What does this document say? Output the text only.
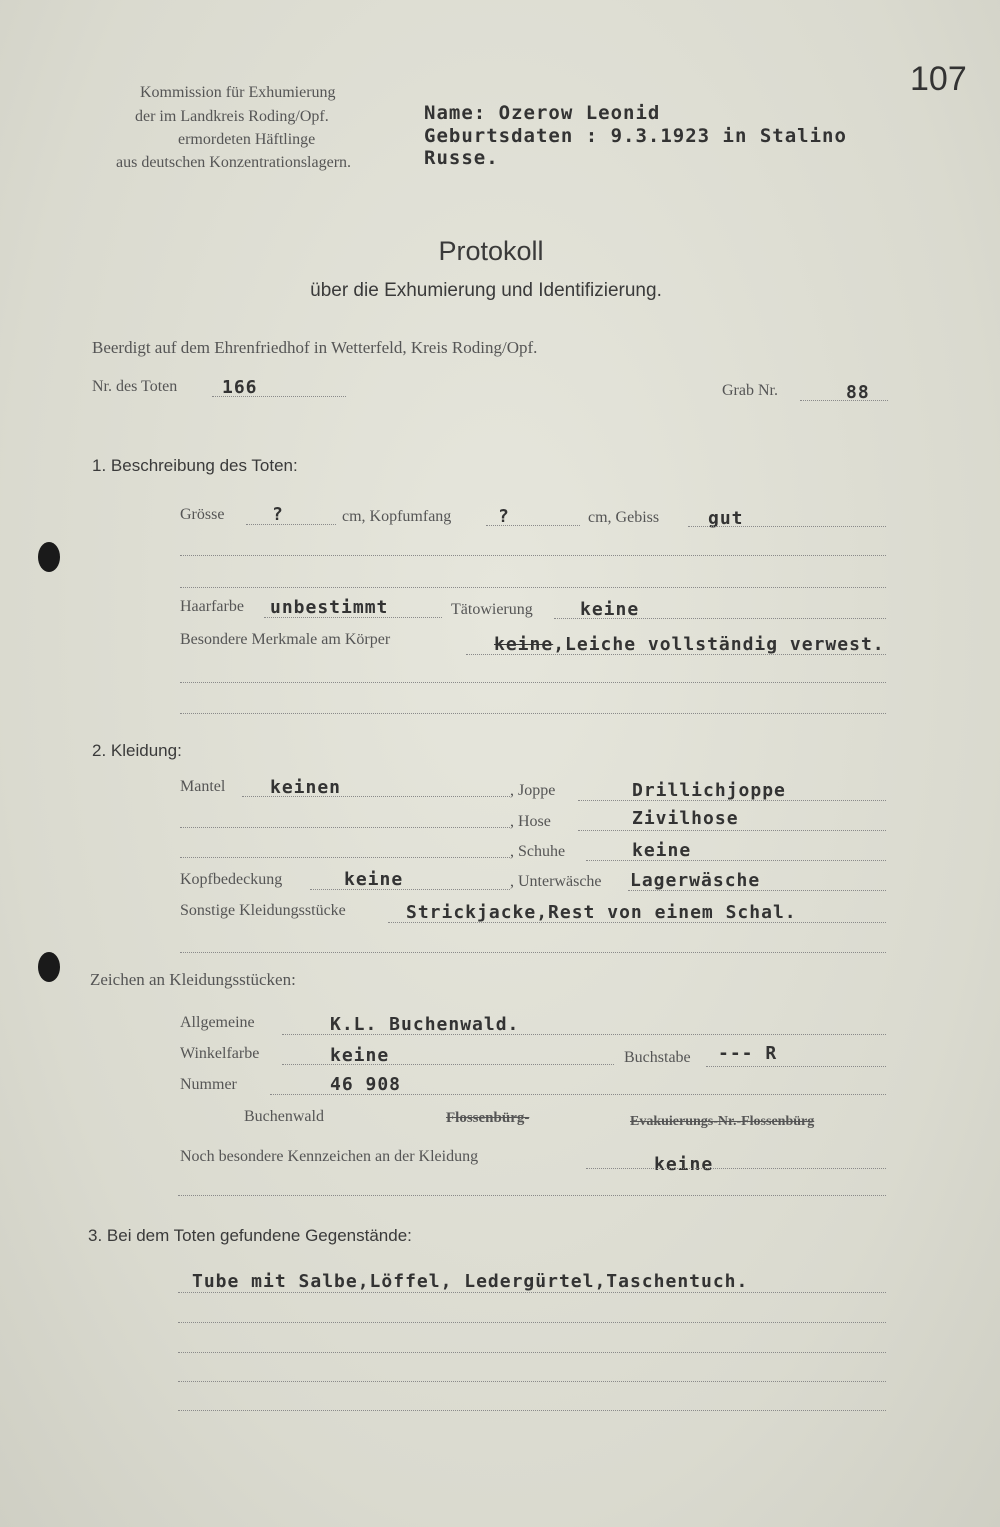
107
Kommission für Exhumierung
der im Landkreis Roding/Opf.
ermordeten Häftlinge
aus deutschen Konzentrationslagern.
Name: Ozerow Leonid
Geburtsdaten : 9.3.1923 in Stalino
Russe.
Protokoll
über die Exhumierung und Identifizierung.
Beerdigt auf dem Ehrenfriedhof in Wetterfeld, Kreis Roding/Opf.
Nr. des Toten 166	Grab Nr.	88
1. Beschreibung des Toten:
Grösse	?	cm, Kopfumfang	?	cm, Gebiss	gut
Haarfarbe unbestimmt	Tätowierung	keine
Besondere Merkmale am Körper	keine,Leiche vollständig verwest.
2. Kleidung:
Mantel keinen	, Joppe	Drillichjoppe
, Hose	Zivilhose
, Schuhe	keine
Kopfbedeckung	keine	, Unterwäsche Lagerwäsche
Sonstige Kleidungsstücke	Strickjacke,Rest von einem Schal.
Zeichen an Kleidungsstücken:
Allgemeine	K.L. Buchenwald.
Winkelfarbe	keine	Buchstabe --- R
Nummer	46 908
Buchenwald	Flossenbürg-	Evakuierungs-Nr.-Flossenbürg
Noch besondere Kennzeichen an der Kleidung	keine
3. Bei dem Toten gefundene Gegenstände:
Tube mit Salbe,Löffel, Ledergürtel,Taschentuch.
